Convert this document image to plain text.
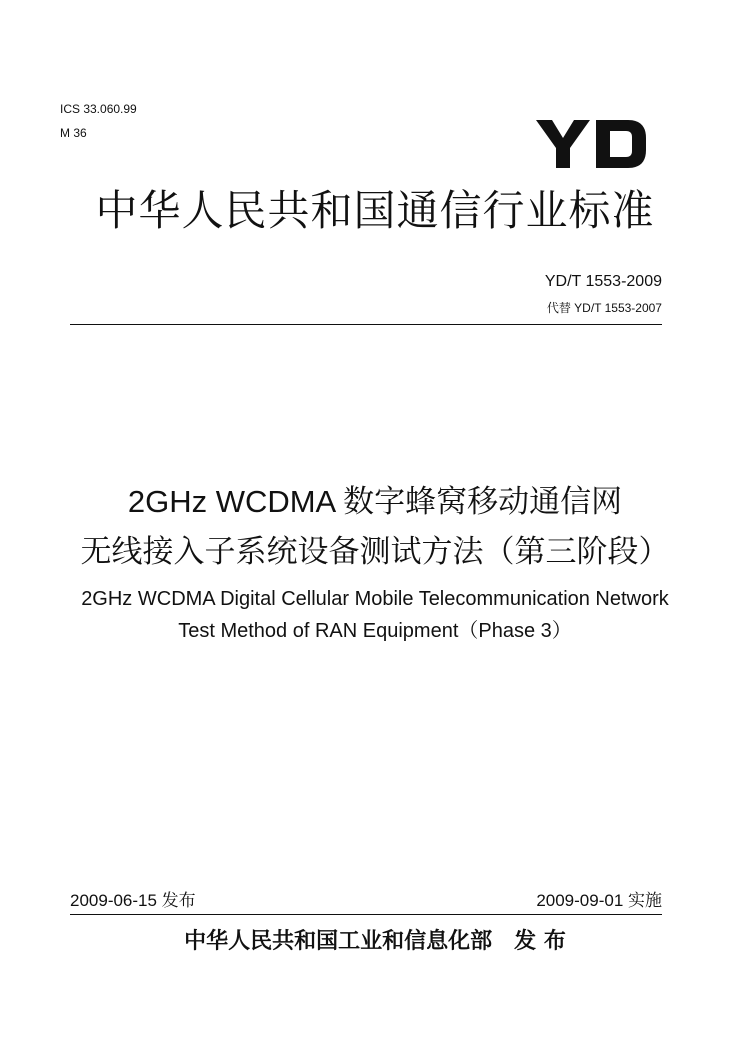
ICS 33.060.99
M 36
中华人民共和国通信行业标准
YD/T 1553-2009
代替 YD/T 1553-2007
2GHz WCDMA 数字蜂窝移动通信网
无线接入子系统设备测试方法（第三阶段）
2GHz WCDMA Digital Cellular Mobile Telecommunication Network
Test Method of RAN Equipment（Phase 3）
2009-06-15 发布	2009-09-01 实施
中华人民共和国工业和信息化部　发 布
